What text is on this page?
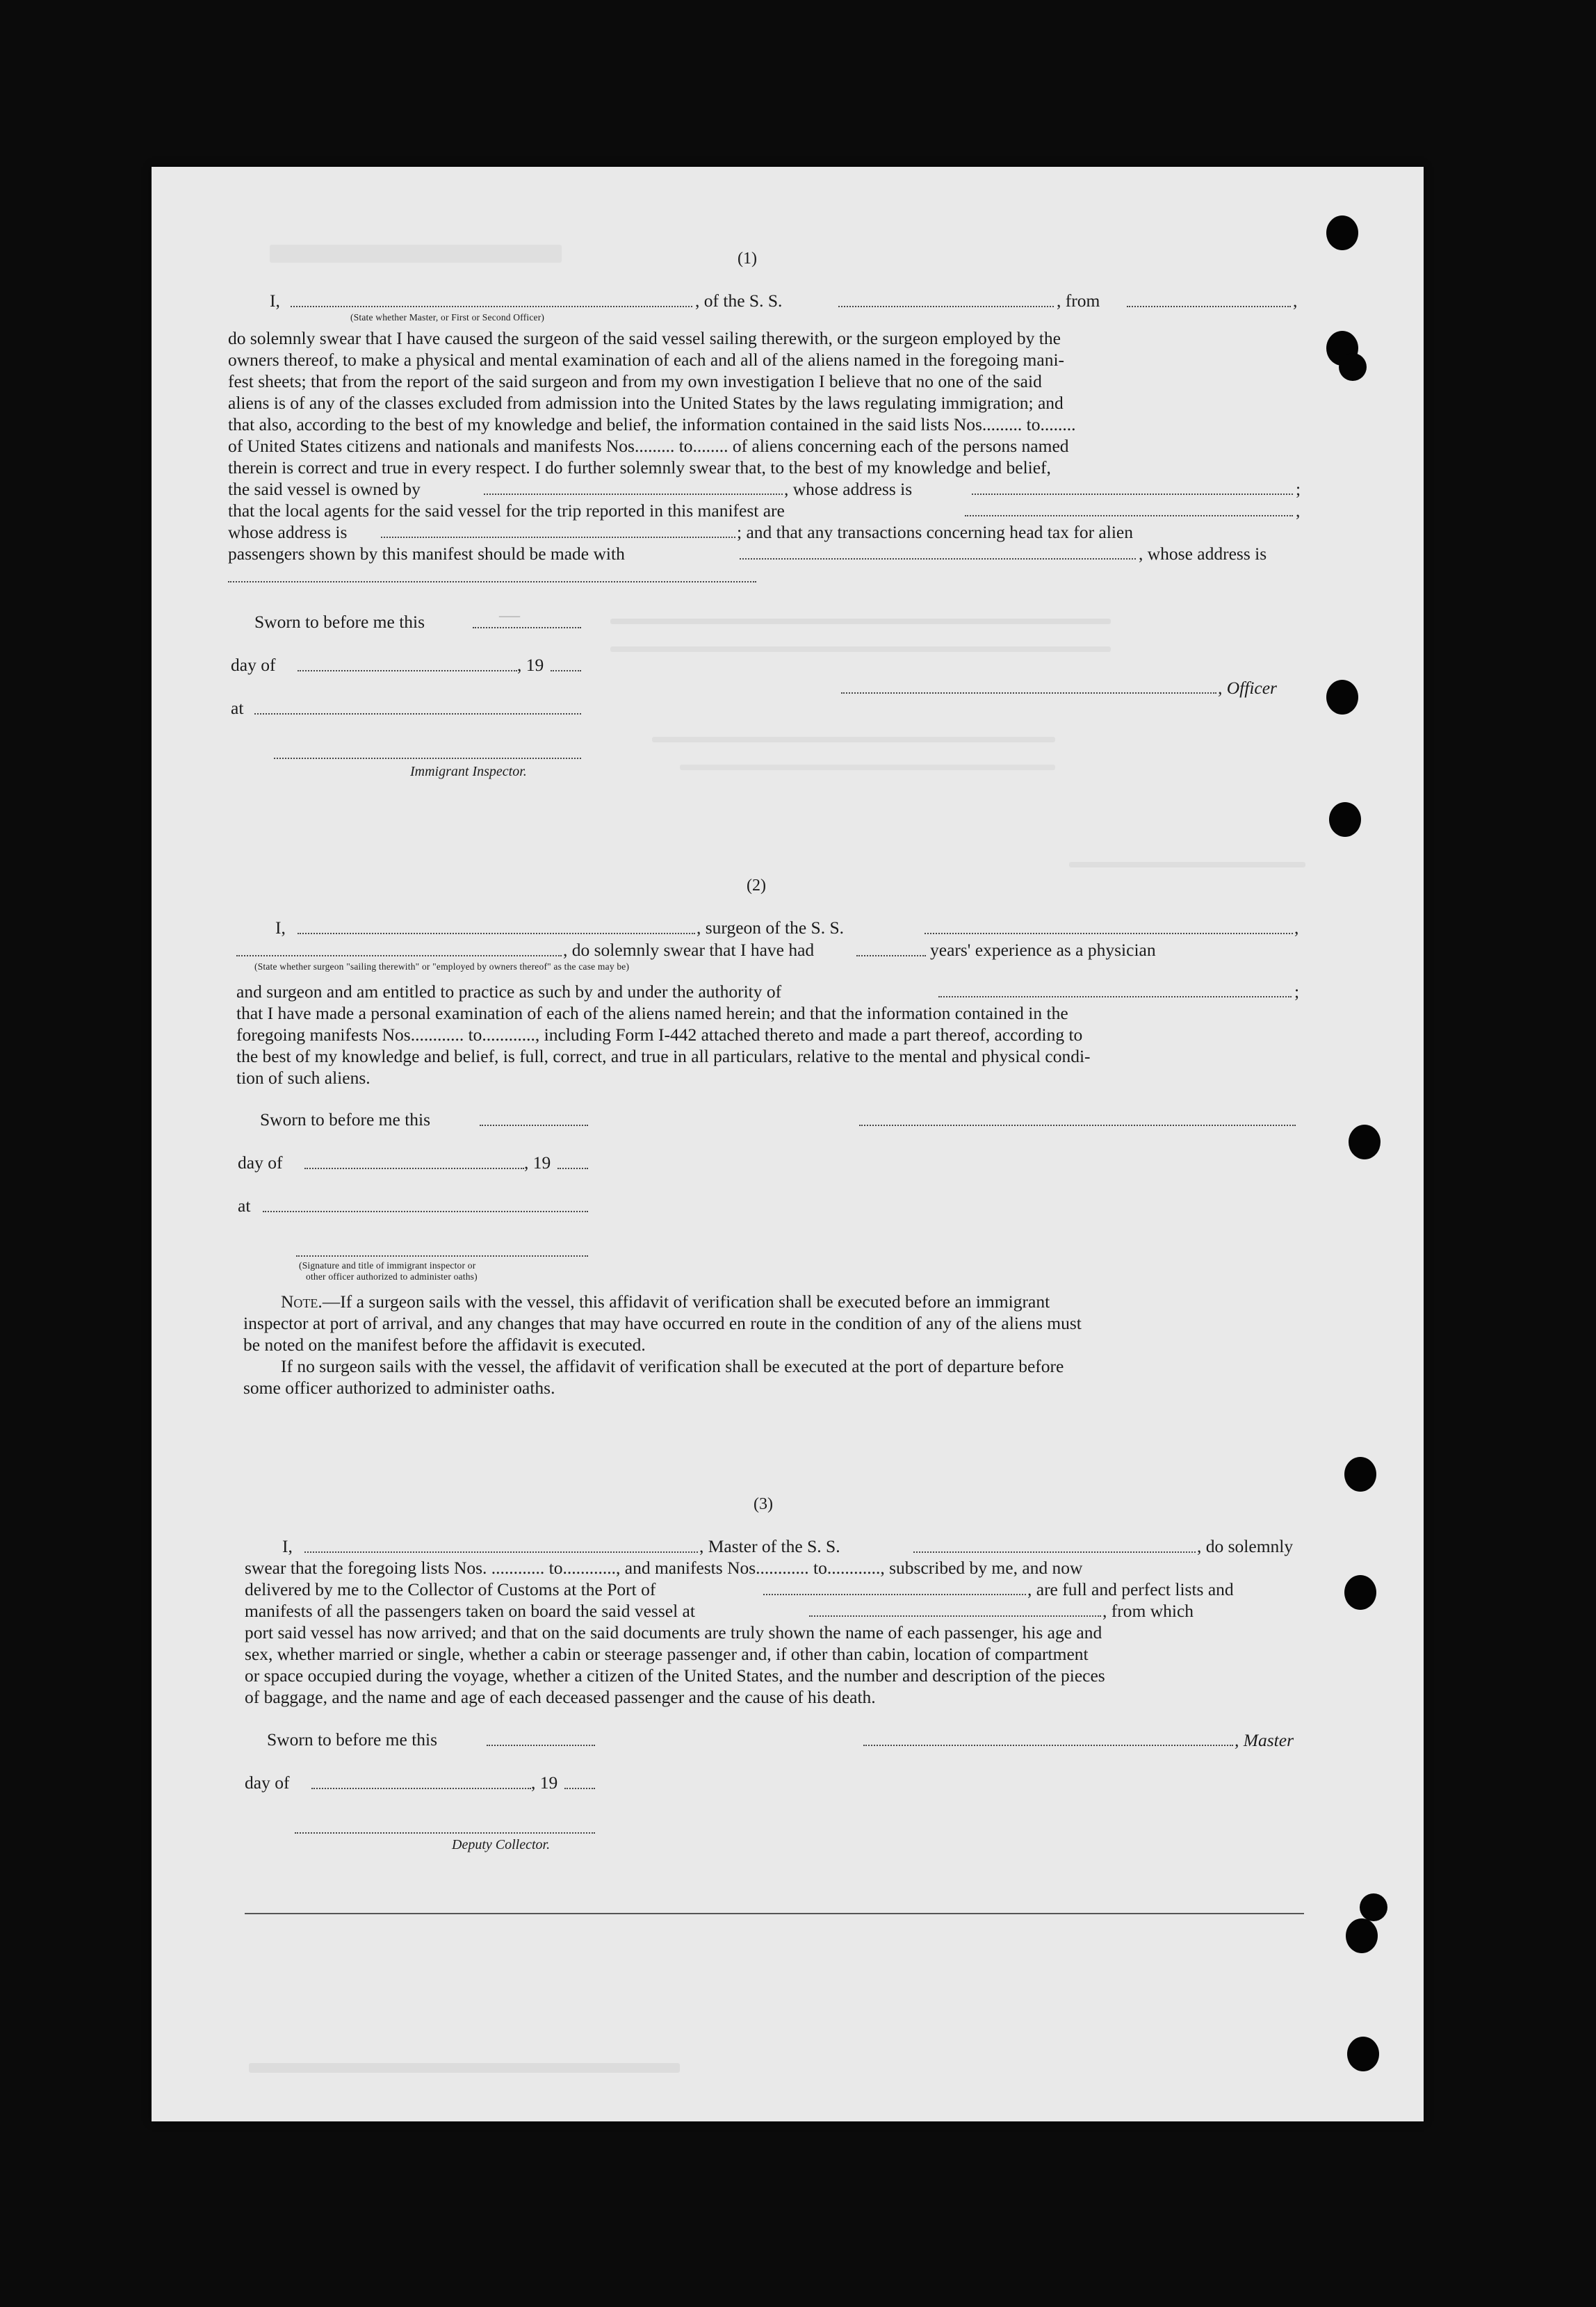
(1)
I,	, of the S. S.	, from	,
(State whether Master, or First or Second Officer)
do solemnly swear that I have caused the surgeon of the said vessel sailing therewith, or the surgeon employed by the
owners thereof, to make a physical and mental examination of each and all of the aliens named in the foregoing mani-
fest sheets; that from the report of the said surgeon and from my own investigation I believe that no one of the said
aliens is of any of the classes excluded from admission into the United States by the laws regulating immigration; and
that also, according to the best of my knowledge and belief, the information contained in the said lists Nos......... to........
of United States citizens and nationals and manifests Nos......... to........ of aliens concerning each of the persons named
therein is correct and true in every respect. I do further solemnly swear that, to the best of my knowledge and belief,
the said vessel is owned by	, whose address is	;
that the local agents for the said vessel for the trip reported in this manifest are	,
whose address is	; and that any transactions concerning head tax for alien
passengers shown by this manifest should be made with	, whose address is
Sworn to before me this	—
day of	, 19
at
, Officer
Immigrant Inspector.
(2)
I,	, surgeon of the S. S.	,
, do solemnly swear that I have had	years' experience as a physician
(State whether surgeon "sailing therewith" or "employed by owners thereof" as the case may be)
and surgeon and am entitled to practice as such by and under the authority of	;
that I have made a personal examination of each of the aliens named herein; and that the information contained in the
foregoing manifests Nos............ to............, including Form I-442 attached thereto and made a part thereof, according to
the best of my knowledge and belief, is full, correct, and true in all particulars, relative to the mental and physical condi-
tion of such aliens.
Sworn to before me this
day of	, 19
at
(Signature and title of immigrant inspector or
other officer authorized to administer oaths)
Note.—If a surgeon sails with the vessel, this affidavit of verification shall be executed before an immigrant
inspector at port of arrival, and any changes that may have occurred en route in the condition of any of the aliens must
be noted on the manifest before the affidavit is executed.
If no surgeon sails with the vessel, the affidavit of verification shall be executed at the port of departure before
some officer authorized to administer oaths.
(3)
I,	, Master of the S. S.	, do solemnly
swear that the foregoing lists Nos. ............ to............, and manifests Nos............ to............, subscribed by me, and now
delivered by me to the Collector of Customs at the Port of	, are full and perfect lists and
manifests of all the passengers taken on board the said vessel at	, from which
port said vessel has now arrived; and that on the said documents are truly shown the name of each passenger, his age and
sex, whether married or single, whether a cabin or steerage passenger and, if other than cabin, location of compartment
or space occupied during the voyage, whether a citizen of the United States, and the number and description of the pieces
of baggage, and the name and age of each deceased passenger and the cause of his death.
Sworn to before me this	, Master
day of	, 19
Deputy Collector.
